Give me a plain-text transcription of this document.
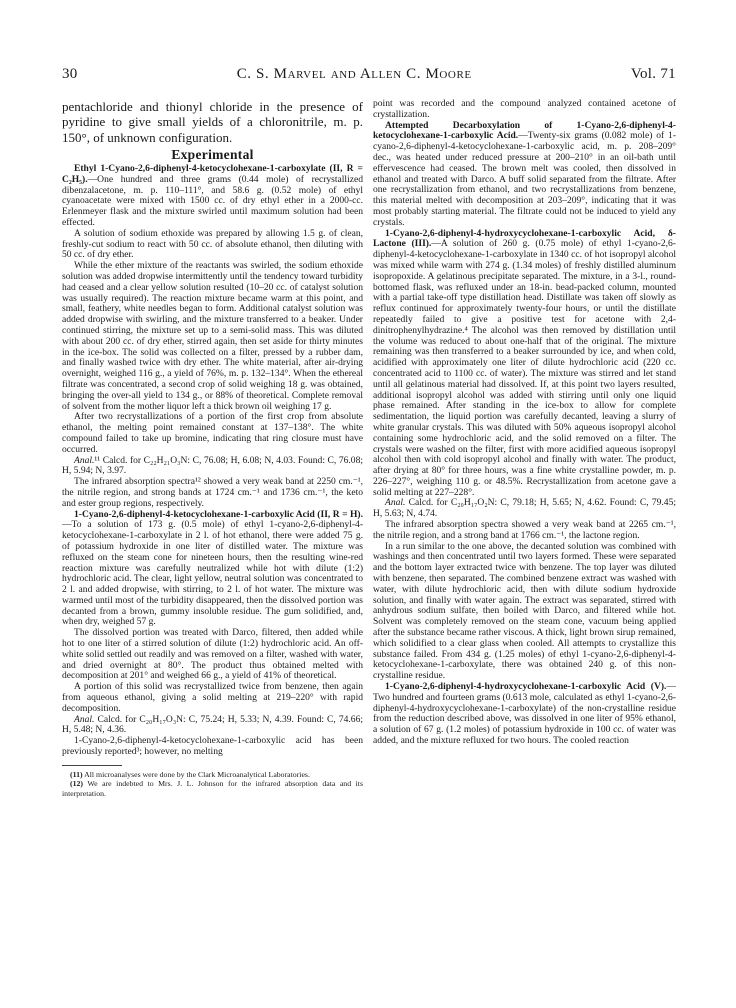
30	C. S. Marvel and Allen C. Moore	Vol. 71

pentachloride and thionyl chloride in the presence of pyridine to give small yields of a chloronitrile, m. p. 150°, of unknown configuration.

Experimental

Ethyl 1-Cyano-2,6-diphenyl-4-ketocyclohexane-1-carboxylate (II, R = C₂H₅).—One hundred and three grams (0.44 mole) of recrystallized dibenzalacetone, m. p. 110–111°, and 58.6 g. (0.52 mole) of ethyl cyanoacetate were mixed with 1500 cc. of dry ethyl ether in a 2000-cc. Erlenmeyer flask and the mixture swirled until maximum solution had been effected.

A solution of sodium ethoxide was prepared by allowing 1.5 g. of clean, freshly-cut sodium to react with 50 cc. of absolute ethanol, then diluting with 50 cc. of dry ether.

While the ether mixture of the reactants was swirled, the sodium ethoxide solution was added dropwise intermittently until the tendency toward turbidity had ceased and a clear yellow solution resulted (10–20 cc. of catalyst solution was usually required). The reaction mixture became warm at this point, and small, feathery, white needles began to form. Additional catalyst solution was added dropwise with swirling, and the mixture transferred to a beaker. Under continued stirring, the mixture set up to a semi-solid mass. This was diluted with about 200 cc. of dry ether, stirred again, then set aside for thirty minutes in the ice-box. The solid was collected on a filter, pressed by a rubber dam, and finally washed twice with dry ether. The white material, after air-drying overnight, weighed 116 g., a yield of 76%, m. p. 132–134°. When the ethereal filtrate was concentrated, a second crop of solid weighing 18 g. was obtained, bringing the over-all yield to 134 g., or 88% of theoretical. Complete removal of solvent from the mother liquor left a thick brown oil weighing 17 g.

After two recrystallizations of a portion of the first crop from absolute ethanol, the melting point remained constant at 137–138°. The white compound failed to take up bromine, indicating that ring closure must have occurred.

Anal.¹¹ Calcd. for C₂₂H₂₁O₃N: C, 76.08; H, 6.08; N, 4.03. Found: C, 76.08; H, 5.94; N, 3.97.

The infrared absorption spectra¹² showed a very weak band at 2250 cm.⁻¹, the nitrile region, and strong bands at 1724 cm.⁻¹ and 1736 cm.⁻¹, the keto and ester group regions, respectively.

1-Cyano-2,6-diphenyl-4-ketocyclohexane-1-carboxylic Acid (II, R = H).—To a solution of 173 g. (0.5 mole) of ethyl 1-cyano-2,6-diphenyl-4-ketocyclohexane-1-carboxylate in 2 l. of hot ethanol, there were added 75 g. of potassium hydroxide in one liter of distilled water. The mixture was refluxed on the steam cone for nineteen hours, then the resulting wine-red reaction mixture was carefully neutralized while hot with dilute (1:2) hydrochloric acid. The clear, light yellow, neutral solution was concentrated to 2 l. and added dropwise, with stirring, to 2 l. of hot water. The mixture was warmed until most of the turbidity disappeared, then the dissolved portion was decanted from a brown, gummy insoluble residue. The gum solidified, and, when dry, weighed 57 g.

The dissolved portion was treated with Darco, filtered, then added while hot to one liter of a stirred solution of dilute (1:2) hydrochloric acid. An off-white solid settled out readily and was removed on a filter, washed with water, and dried overnight at 80°. The product thus obtained melted with decomposition at 201° and weighed 66 g., a yield of 41% of theoretical.

A portion of this solid was recrystallized twice from benzene, then again from aqueous ethanol, giving a solid melting at 219–220° with rapid decomposition.

Anal. Calcd. for C₂₀H₁₇O₃N: C, 75.24; H, 5.33; N, 4.39. Found: C, 74.66; H, 5.48; N, 4.36.

1-Cyano-2,6-diphenyl-4-ketocyclohexane-1-carboxylic acid has been previously reported³; however, no melting

(11) All microanalyses were done by the Clark Microanalytical Laboratories.

(12) We are indebted to Mrs. J. L. Johnson for the infrared absorption data and its interpretation.

point was recorded and the compound analyzed contained acetone of crystallization.

Attempted Decarboxylation of 1-Cyano-2,6-diphenyl-4-ketocyclohexane-1-carboxylic Acid.—Twenty-six grams (0.082 mole) of 1-cyano-2,6-diphenyl-4-ketocyclohexane-1-carboxylic acid, m. p. 208–209° dec., was heated under reduced pressure at 200–210° in an oil-bath until effervescence had ceased. The brown melt was cooled, then dissolved in ethanol and treated with Darco. A buff solid separated from the filtrate. After one recrystallization from ethanol, and two recrystallizations from benzene, this material melted with decomposition at 203–209°, indicating that it was most probably starting material. The filtrate could not be induced to yield any crystals.

1-Cyano-2,6-diphenyl-4-hydroxycyclohexane-1-carboxylic Acid, δ-Lactone (III).—A solution of 260 g. (0.75 mole) of ethyl 1-cyano-2,6-diphenyl-4-ketocyclohexane-1-carboxylate in 1340 cc. of hot isopropyl alcohol was mixed while warm with 274 g. (1.34 moles) of freshly distilled aluminum isopropoxide. A gelatinous precipitate separated. The mixture, in a 3-l., round-bottomed flask, was refluxed under an 18-in. bead-packed column, mounted with a partial take-off type distillation head. Distillate was taken off slowly as reflux continued for approximately twenty-four hours, or until the distillate repeatedly failed to give a positive test for acetone with 2,4-dinitrophenylhydrazine.⁴ The alcohol was then removed by distillation until the volume was reduced to about one-half that of the original. The mixture remaining was then transferred to a beaker surrounded by ice, and when cold, acidified with approximately one liter of dilute hydrochloric acid (220 cc. concentrated acid to 1100 cc. of water). The mixture was stirred and let stand until all gelatinous material had dissolved. If, at this point two layers resulted, additional isopropyl alcohol was added with stirring until only one liquid phase remained. After standing in the ice-box to allow for complete sedimentation, the liquid portion was carefully decanted, leaving a slurry of white granular crystals. This was diluted with 50% aqueous isopropyl alcohol containing some hydrochloric acid, and the solid removed on a filter. The crystals were washed on the filter, first with more acidified aqueous isopropyl alcohol then with cold isopropyl alcohol and finally with water. The product, after drying at 80° for three hours, was a fine white crystalline powder, m. p. 226–227°, weighing 110 g. or 48.5%. Recrystallization from acetone gave a solid melting at 227–228°.

Anal. Calcd. for C₂₀H₁₇O₂N: C, 79.18; H, 5.65; N, 4.62. Found: C, 79.45; H, 5.63; N, 4.74.

The infrared absorption spectra showed a very weak band at 2265 cm.⁻¹, the nitrile region, and a strong band at 1766 cm.⁻¹, the lactone region.

In a run similar to the one above, the decanted solution was combined with washings and then concentrated until two layers formed. These were separated and the bottom layer extracted twice with benzene. The top layer was diluted with benzene, then separated. The combined benzene extract was washed with water, with dilute hydrochloric acid, then with dilute sodium hydroxide solution, and finally with water again. The extract was separated, stirred with anhydrous sodium sulfate, then boiled with Darco, and filtered while hot. Solvent was completely removed on the steam cone, vacuum being applied after the substance became rather viscous. A thick, light brown sirup remained, which solidified to a clear glass when cooled. All attempts to crystallize this substance failed. From 434 g. (1.25 moles) of ethyl 1-cyano-2,6-diphenyl-4-ketocyclohexane-1-carboxylate, there was obtained 240 g. of this non-crystalline residue.

1-Cyano-2,6-diphenyl-4-hydroxycyclohexane-1-carboxylic Acid (V).—Two hundred and fourteen grams (0.613 mole, calculated as ethyl 1-cyano-2,6-diphenyl-4-hydroxycyclohexane-1-carboxylate) of the non-crystalline residue from the reduction described above, was dissolved in one liter of 95% ethanol, a solution of 67 g. (1.2 moles) of potassium hydroxide in 100 cc. of water was added, and the mixture refluxed for two hours. The cooled reaction
